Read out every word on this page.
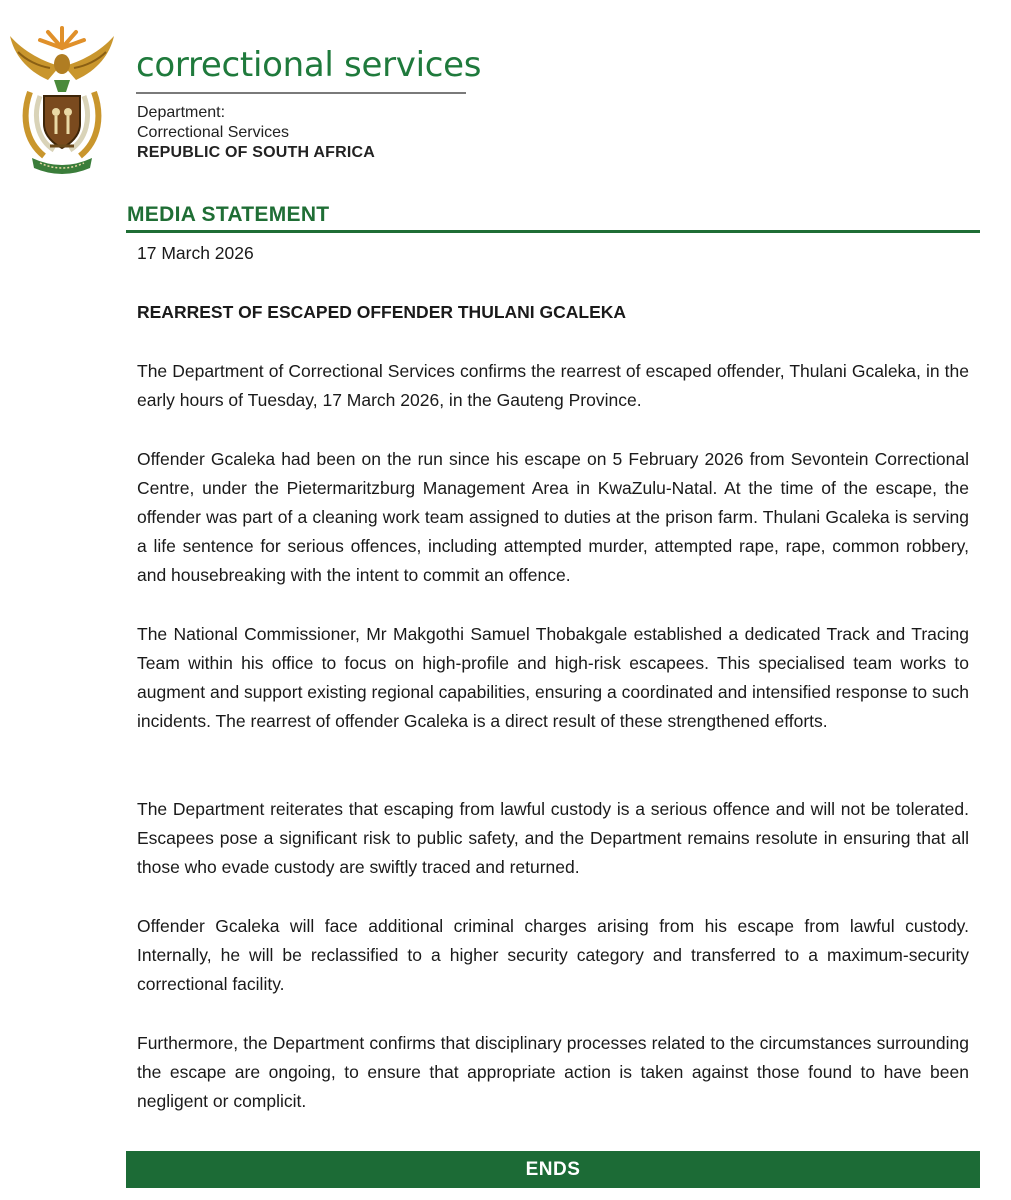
correctional services
Department:
Correctional Services
REPUBLIC OF SOUTH AFRICA
MEDIA STATEMENT
17 March 2026
REARREST OF ESCAPED OFFENDER THULANI GCALEKA

The Department of Correctional Services confirms the rearrest of escaped offender, Thulani Gcaleka, in the early hours of Tuesday, 17 March 2026, in the Gauteng Province.

Offender Gcaleka had been on the run since his escape on 5 February 2026 from Sevontein Correctional Centre, under the Pietermaritzburg Management Area in KwaZulu-Natal. At the time of the escape, the offender was part of a cleaning work team assigned to duties at the prison farm. Thulani Gcaleka is serving a life sentence for serious offences, including attempted murder, attempted rape, rape, common robbery, and housebreaking with the intent to commit an offence.

The National Commissioner, Mr Makgothi Samuel Thobakgale established a dedicated Track and Tracing Team within his office to focus on high-profile and high-risk escapees. This specialised team works to augment and support existing regional capabilities, ensuring a coordinated and intensified response to such incidents. The rearrest of offender Gcaleka is a direct result of these strengthened efforts.

The Department reiterates that escaping from lawful custody is a serious offence and will not be tolerated. Escapees pose a significant risk to public safety, and the Department remains resolute in ensuring that all those who evade custody are swiftly traced and returned.

Offender Gcaleka will face additional criminal charges arising from his escape from lawful custody. Internally, he will be reclassified to a higher security category and transferred to a maximum-security correctional facility.

Furthermore, the Department confirms that disciplinary processes related to the circumstances surrounding the escape are ongoing, to ensure that appropriate action is taken against those found to have been negligent or complicit.

ENDS
